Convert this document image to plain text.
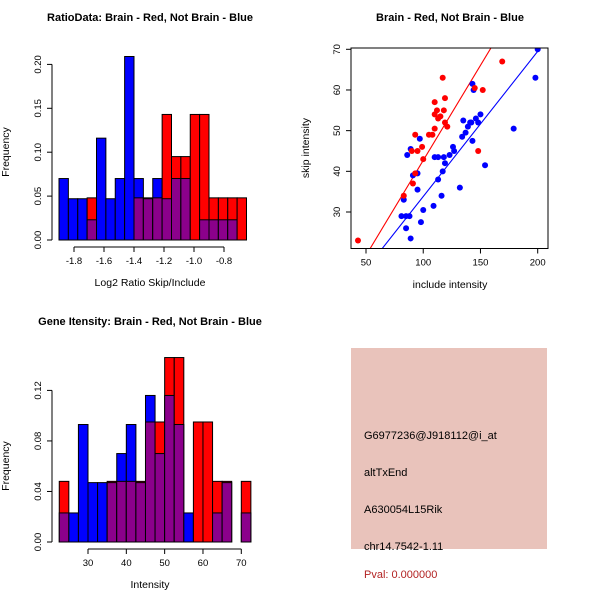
RatioData: Brain - Red, Not Brain - Blue
Frequency
-1.8 -1.6 -1.4 -1.2 -1.0 -0.8
0.00
0.05
0.10
0.15
0.20
Log2 Ratio Skip/Include
Brain - Red, Not Brain - Blue
skip intensity
50	100	150	200
30
40
50
60
70
include intensity
Gene Itensity: Brain - Red, Not Brain - Blue
Frequency
30	40	50	60	70
0.00
0.04
0.08
0.12
Intensity
G6977236@J918112@i_at
altTxEnd
A630054L15Rik
chr14.7542-1.11
Pval: 0.000000
